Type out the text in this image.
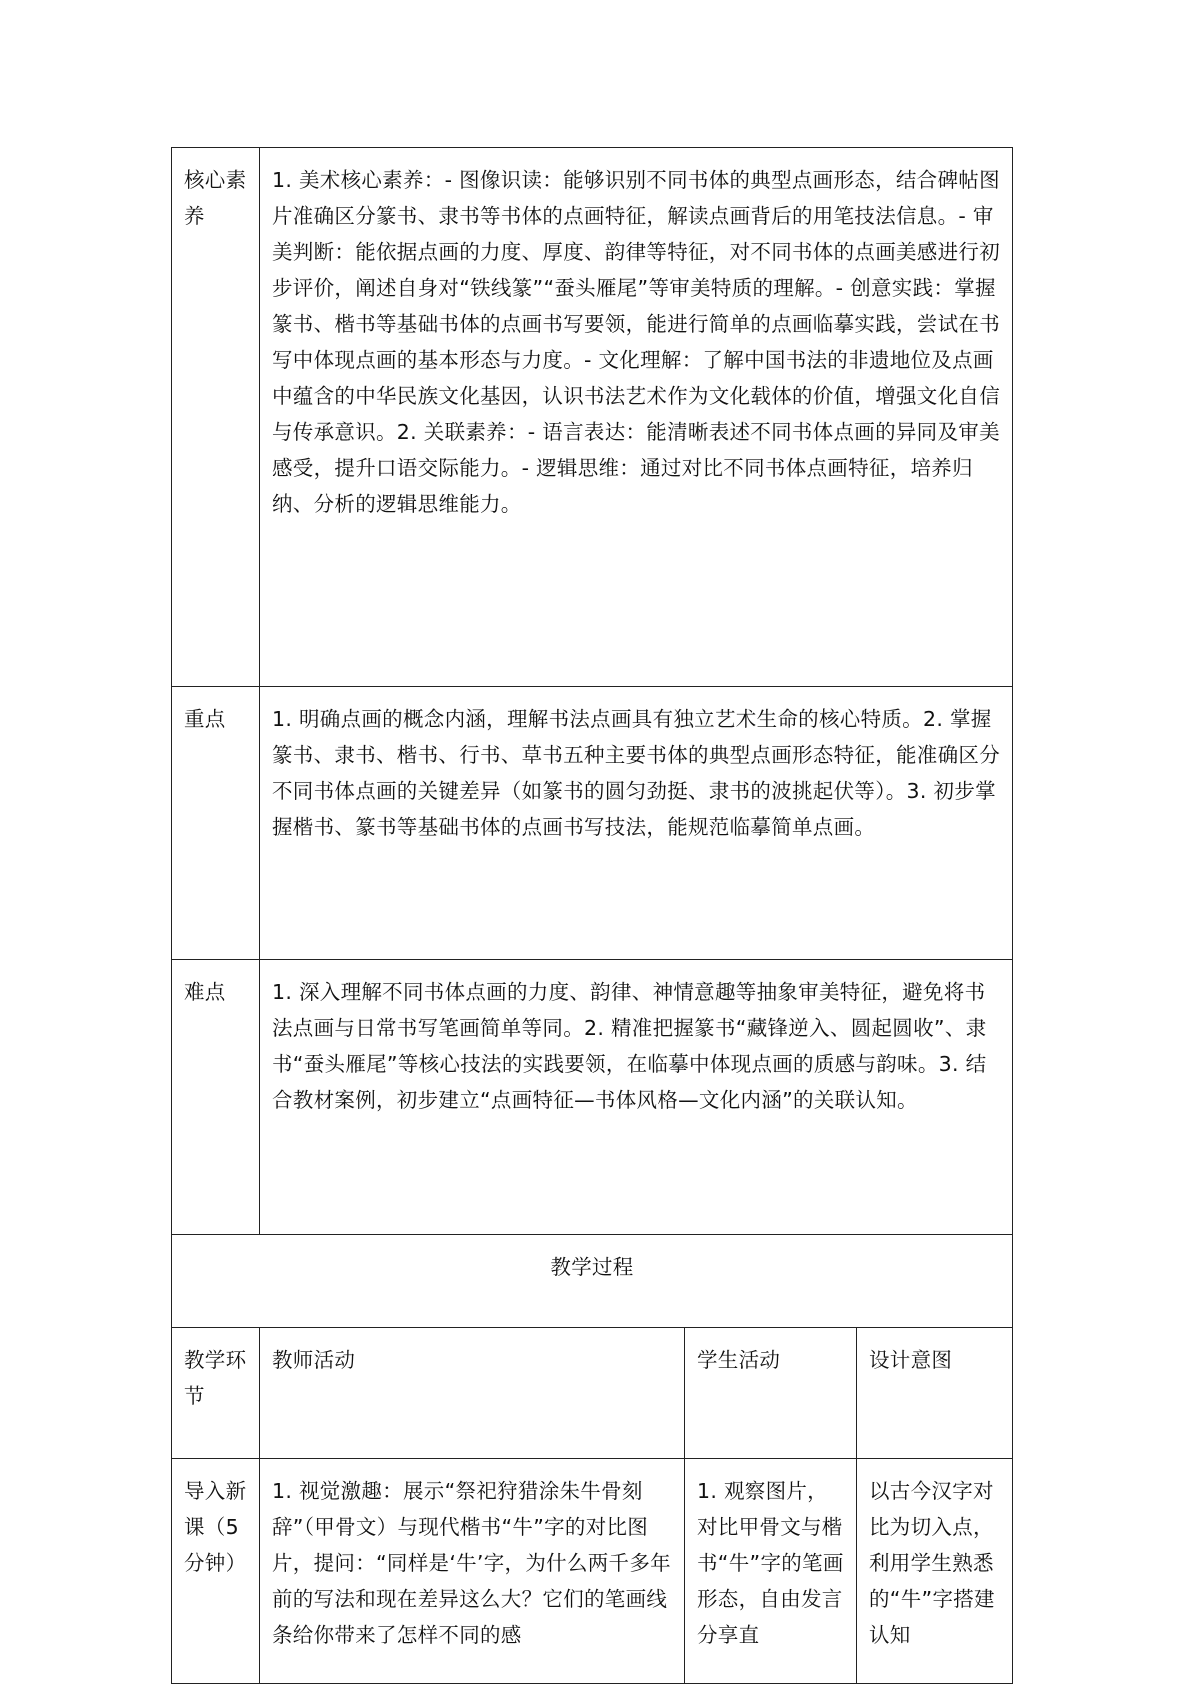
核心素养	1. 美术核心素养：- 图像识读：能够识别不同书体的典型点画形态，结合碑帖图片准确区分篆书、隶书等书体的点画特征，解读点画背后的用笔技法信息。- 审美判断：能依据点画的力度、厚度、韵律等特征，对不同书体的点画美感进行初步评价，阐述自身对“铁线篆”“蚕头雁尾”等审美特质的理解。- 创意实践：掌握篆书、楷书等基础书体的点画书写要领，能进行简单的点画临摹实践，尝试在书写中体现点画的基本形态与力度。- 文化理解：了解中国书法的非遗地位及点画中蕴含的中华民族文化基因，认识书法艺术作为文化载体的价值，增强文化自信与传承意识。2. 关联素养：- 语言表达：能清晰表述不同书体点画的异同及审美感受，提升口语交际能力。- 逻辑思维：通过对比不同书体点画特征，培养归纳、分析的逻辑思维能力。		
重点	1. 明确点画的概念内涵，理解书法点画具有独立艺术生命的核心特质。2. 掌握篆书、隶书、楷书、行书、草书五种主要书体的典型点画形态特征，能准确区分不同书体点画的关键差异（如篆书的圆匀劲挺、隶书的波挑起伏等）。3. 初步掌握楷书、篆书等基础书体的点画书写技法，能规范临摹简单点画。		
难点	1. 深入理解不同书体点画的力度、韵律、神情意趣等抽象审美特征，避免将书法点画与日常书写笔画简单等同。2. 精准把握篆书“藏锋逆入、圆起圆收”、隶书“蚕头雁尾”等核心技法的实践要领，在临摹中体现点画的质感与韵味。3. 结合教材案例，初步建立“点画特征—书体风格—文化内涵”的关联认知。		
教学过程			
教学环节	教师活动	学生活动	设计意图

导入新课（5分钟）	1. 视觉激趣：展示“祭祀狩猎涂朱牛骨刻辞”（甲骨文）与现代楷书“牛”字的对比图片，提问：“同样是‘牛’字，为什么两千多年前的写法和现在差异这么大？它们的笔画线条给你带来了怎样不同的感	1. 观察图片，对比甲骨文与楷书“牛”字的笔画形态，自由发言分享直	以古今汉字对比为切入点，利用学生熟悉的“牛”字搭建认知
